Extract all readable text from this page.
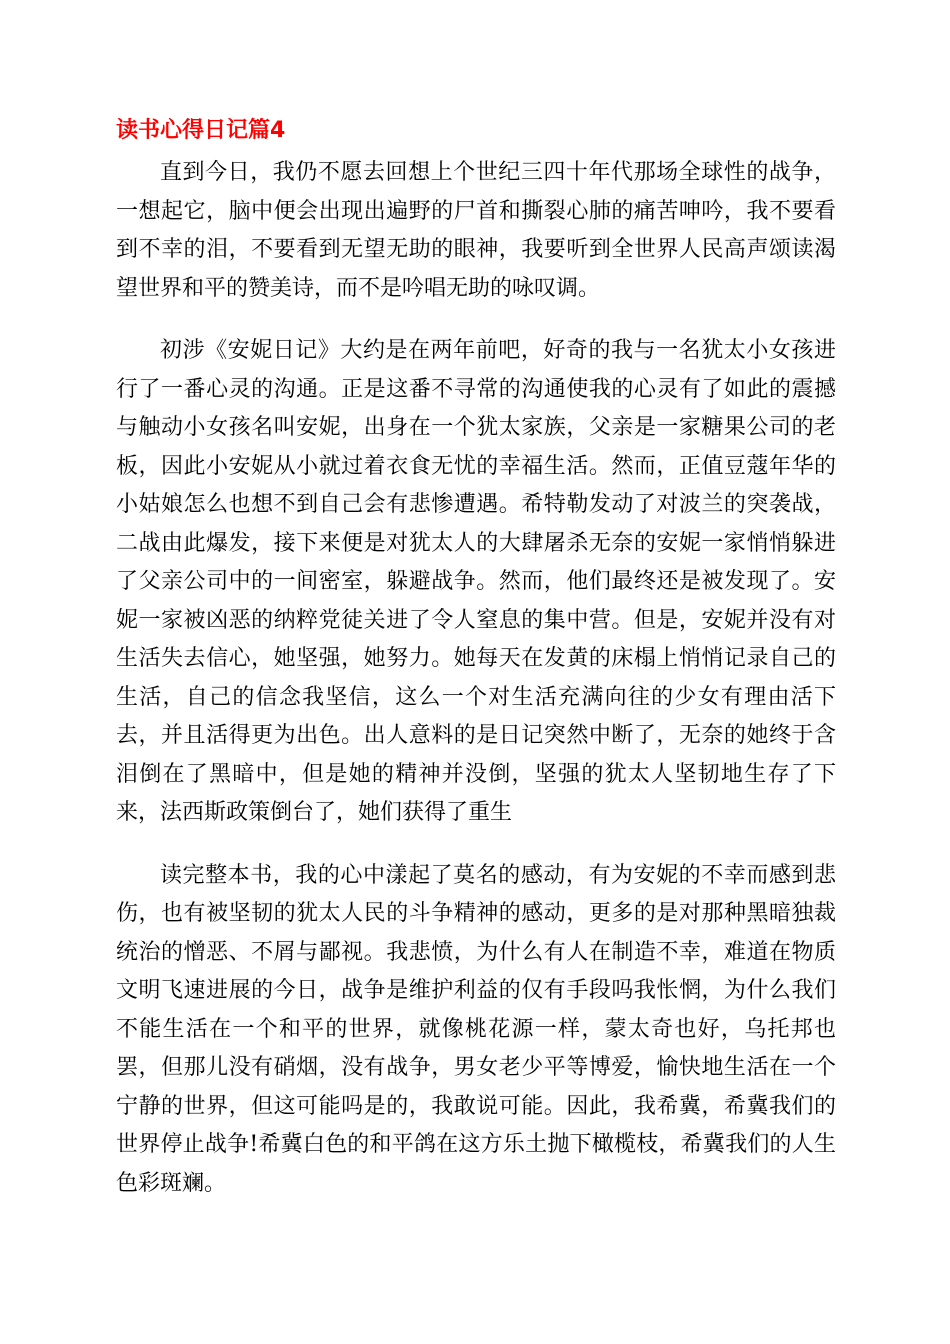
读书心得日记篇4

直到今日，我仍不愿去回想上个世纪三四十年代那场全球性的战争，一想起它，脑中便会出现出遍野的尸首和撕裂心肺的痛苦呻吟，我不要看到不幸的泪，不要看到无望无助的眼神，我要听到全世界人民高声颂读渴望世界和平的赞美诗，而不是吟唱无助的咏叹调。

初涉《安妮日记》大约是在两年前吧，好奇的我与一名犹太小女孩进行了一番心灵的沟通。正是这番不寻常的沟通使我的心灵有了如此的震撼与触动小女孩名叫安妮，出身在一个犹太家族，父亲是一家糖果公司的老板，因此小安妮从小就过着衣食无忧的幸福生活。然而，正值豆蔻年华的小姑娘怎么也想不到自己会有悲惨遭遇。希特勒发动了对波兰的突袭战，二战由此爆发，接下来便是对犹太人的大肆屠杀无奈的安妮一家悄悄躲进了父亲公司中的一间密室，躲避战争。然而，他们最终还是被发现了。安妮一家被凶恶的纳粹党徒关进了令人窒息的集中营。但是，安妮并没有对生活失去信心，她坚强，她努力。她每天在发黄的床榻上悄悄记录自己的生活，自己的信念我坚信，这么一个对生活充满向往的少女有理由活下去，并且活得更为出色。出人意料的是日记突然中断了，无奈的她终于含泪倒在了黑暗中，但是她的精神并没倒，坚强的犹太人坚韧地生存了下来，法西斯政策倒台了，她们获得了重生

读完整本书，我的心中漾起了莫名的感动，有为安妮的不幸而感到悲伤，也有被坚韧的犹太人民的斗争精神的感动，更多的是对那种黑暗独裁统治的憎恶、不屑与鄙视。我悲愤，为什么有人在制造不幸，难道在物质文明飞速进展的今日，战争是维护利益的仅有手段吗我怅惘，为什么我们不能生活在一个和平的世界，就像桃花源一样，蒙太奇也好，乌托邦也罢，但那儿没有硝烟，没有战争，男女老少平等博爱，愉快地生活在一个宁静的世界，但这可能吗是的，我敢说可能。因此，我希冀，希冀我们的世界停止战争!希冀白色的和平鸽在这方乐土抛下橄榄枝，希冀我们的人生色彩斑斓。
